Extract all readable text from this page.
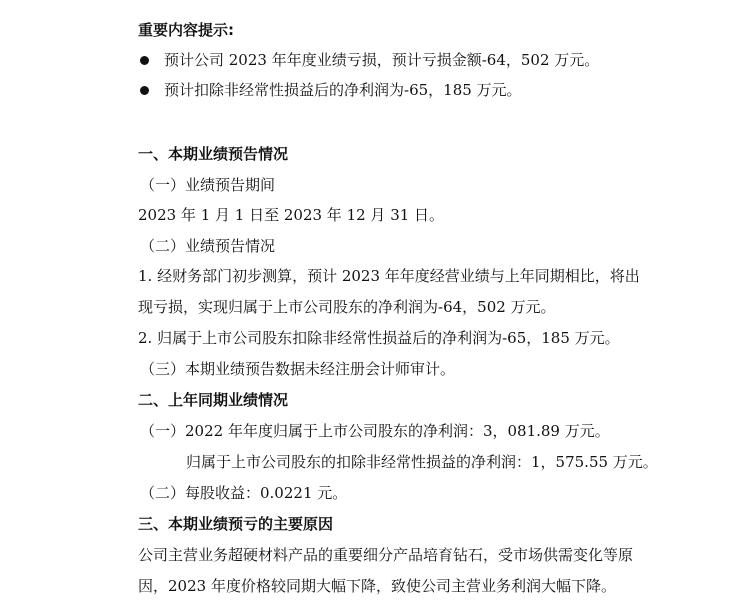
重要内容提示:
预计公司 2023 年年度业绩亏损，预计亏损金额-64，502 万元。
预计扣除非经常性损益后的净利润为-65，185 万元。
一、本期业绩预告情况
（一）业绩预告期间
2023 年 1 月 1 日至 2023 年 12 月 31 日。
（二）业绩预告情况
1. 经财务部门初步测算，预计 2023 年年度经营业绩与上年同期相比，将出
现亏损，实现归属于上市公司股东的净利润为-64，502 万元。
2. 归属于上市公司股东扣除非经常性损益后的净利润为-65，185 万元。
（三）本期业绩预告数据未经注册会计师审计。
二、上年同期业绩情况
（一）2022 年年度归属于上市公司股东的净利润：3，081.89 万元。
归属于上市公司股东的扣除非经常性损益的净利润：1，575.55 万元。
（二）每股收益：0.0221 元。
三、本期业绩预亏的主要原因
公司主营业务超硬材料产品的重要细分产品培育钻石，受市场供需变化等原
因，2023 年度价格较同期大幅下降，致使公司主营业务利润大幅下降。
